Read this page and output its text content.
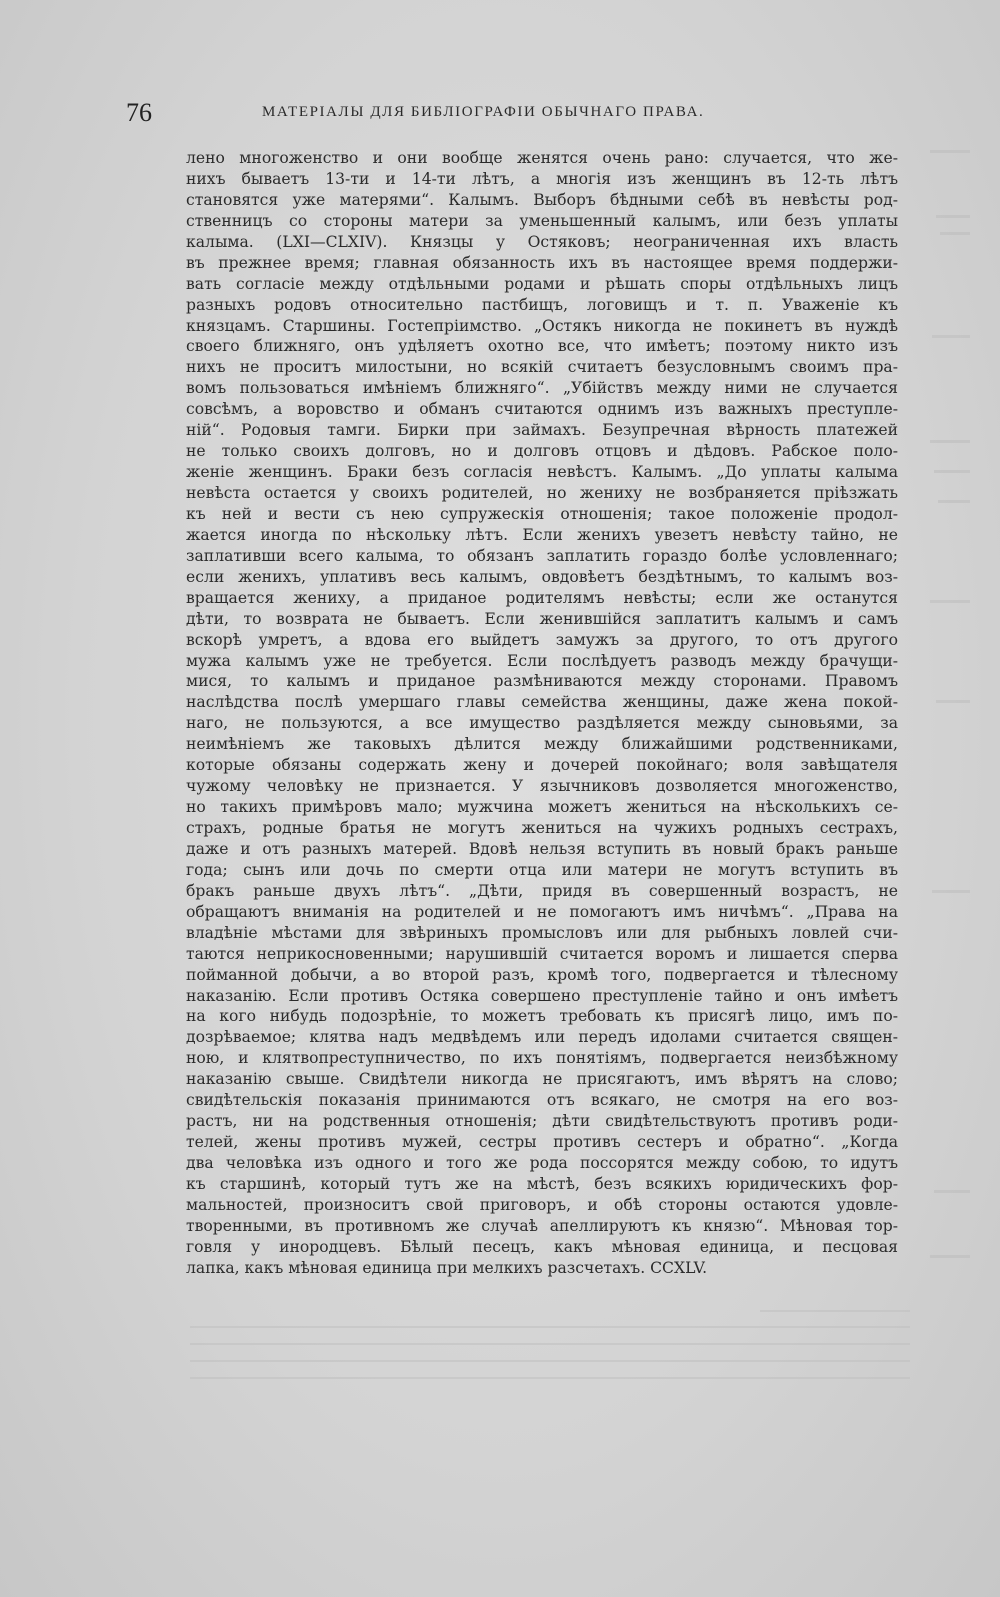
76	МАТЕРІАЛЫ ДЛЯ БИБЛІОГРАФІИ ОБЫЧНАГО ПРАВА.
лено многоженство и они вообще женятся очень рано: случается, что же-
нихъ бываетъ 13-ти и 14-ти лѣтъ, а многія изъ женщинъ въ 12-ть лѣтъ
становятся уже матерями“. Калымъ. Выборъ бѣдными себѣ въ невѣсты род-
ственницъ со стороны матери за уменьшенный калымъ, или безъ уплаты
калыма. (LXI—CLXIV). Князцы у Остяковъ; неограниченная ихъ власть
въ прежнее время; главная обязанность ихъ въ настоящее время поддержи-
вать согласіе между отдѣльными родами и рѣшать споры отдѣльныхъ лицъ
разныхъ родовъ относительно пастбищъ, логовищъ и т. п. Уваженіе къ
князцамъ. Старшины. Гостепріимство. „Остякъ никогда не покинетъ въ нуждѣ
своего ближняго, онъ удѣляетъ охотно все, что имѣетъ; поэтому никто изъ
нихъ не проситъ милостыни, но всякій считаетъ безусловнымъ своимъ пра-
вомъ пользоваться имѣніемъ ближняго“. „Убійствъ между ними не случается
совсѣмъ, а воровство и обманъ считаются однимъ изъ важныхъ преступле-
ній“. Родовыя тамги. Бирки при займахъ. Безупречная вѣрность платежей
не только своихъ долговъ, но и долговъ отцовъ и дѣдовъ. Рабское поло-
женіе женщинъ. Браки безъ согласія невѣстъ. Калымъ. „До уплаты калыма
невѣста остается у своихъ родителей, но жениху не возбраняется пріѣзжать
къ ней и вести съ нею супружескія отношенія; такое положеніе продол-
жается иногда по нѣскольку лѣтъ. Если женихъ увезетъ невѣсту тайно, не
заплативши всего калыма, то обязанъ заплатить гораздо болѣе условленнаго;
если женихъ, уплативъ весь калымъ, овдовѣетъ бездѣтнымъ, то калымъ воз-
вращается жениху, а приданое родителямъ невѣсты; если же останутся
дѣти, то возврата не бываетъ. Если женившійся заплатитъ калымъ и самъ
вскорѣ умретъ, а вдова его выйдетъ замужъ за другого, то отъ другого
мужа калымъ уже не требуется. Если послѣдуетъ разводъ между брачущи-
мися, то калымъ и приданое размѣниваются между сторонами. Правомъ
наслѣдства послѣ умершаго главы семейства женщины, даже жена покой-
наго, не пользуются, а все имущество раздѣляется между сыновьями, за
неимѣніемъ же таковыхъ дѣлится между ближайшими родственниками,
которые обязаны содержать жену и дочерей покойнаго; воля завѣщателя
чужому человѣку не признается. У язычниковъ дозволяется многоженство,
но такихъ примѣровъ мало; мужчина можетъ жениться на нѣсколькихъ се-
страхъ, родные братья не могутъ жениться на чужихъ родныхъ сестрахъ,
даже и отъ разныхъ матерей. Вдовѣ нельзя вступить въ новый бракъ раньше
года; сынъ или дочь по смерти отца или матери не могутъ вступить въ
бракъ раньше двухъ лѣтъ“. „Дѣти, придя въ совершенный возрастъ, не
обращаютъ вниманія на родителей и не помогаютъ имъ ничѣмъ“. „Права на
владѣніе мѣстами для звѣриныхъ промысловъ или для рыбныхъ ловлей счи-
таются неприкосновенными; нарушившій считается воромъ и лишается сперва
пойманной добычи, а во второй разъ, кромѣ того, подвергается и тѣлесному
наказанію. Если противъ Остяка совершено преступленіе тайно и онъ имѣетъ
на кого нибудь подозрѣніе, то можетъ требовать къ присягѣ лицо, имъ по-
дозрѣваемое; клятва надъ медвѣдемъ или передъ идолами считается священ-
ною, и клятвопреступничество, по ихъ понятіямъ, подвергается неизбѣжному
наказанію свыше. Свидѣтели никогда не присягаютъ, имъ вѣрятъ на слово;
свидѣтельскія показанія принимаются отъ всякаго, не смотря на его воз-
растъ, ни на родственныя отношенія; дѣти свидѣтельствуютъ противъ роди-
телей, жены противъ мужей, сестры противъ сестеръ и обратно“. „Когда
два человѣка изъ одного и того же рода поссорятся между собою, то идутъ
къ старшинѣ, который тутъ же на мѣстѣ, безъ всякихъ юридическихъ фор-
мальностей, произноситъ свой приговоръ, и обѣ стороны остаются удовле-
творенными, въ противномъ же случаѣ апеллируютъ къ князю“. Мѣновая тор-
говля у инородцевъ. Бѣлый песецъ, какъ мѣновая единица, и песцовая
лапка, какъ мѣновая единица при мелкихъ разсчетахъ. CCXLV.
